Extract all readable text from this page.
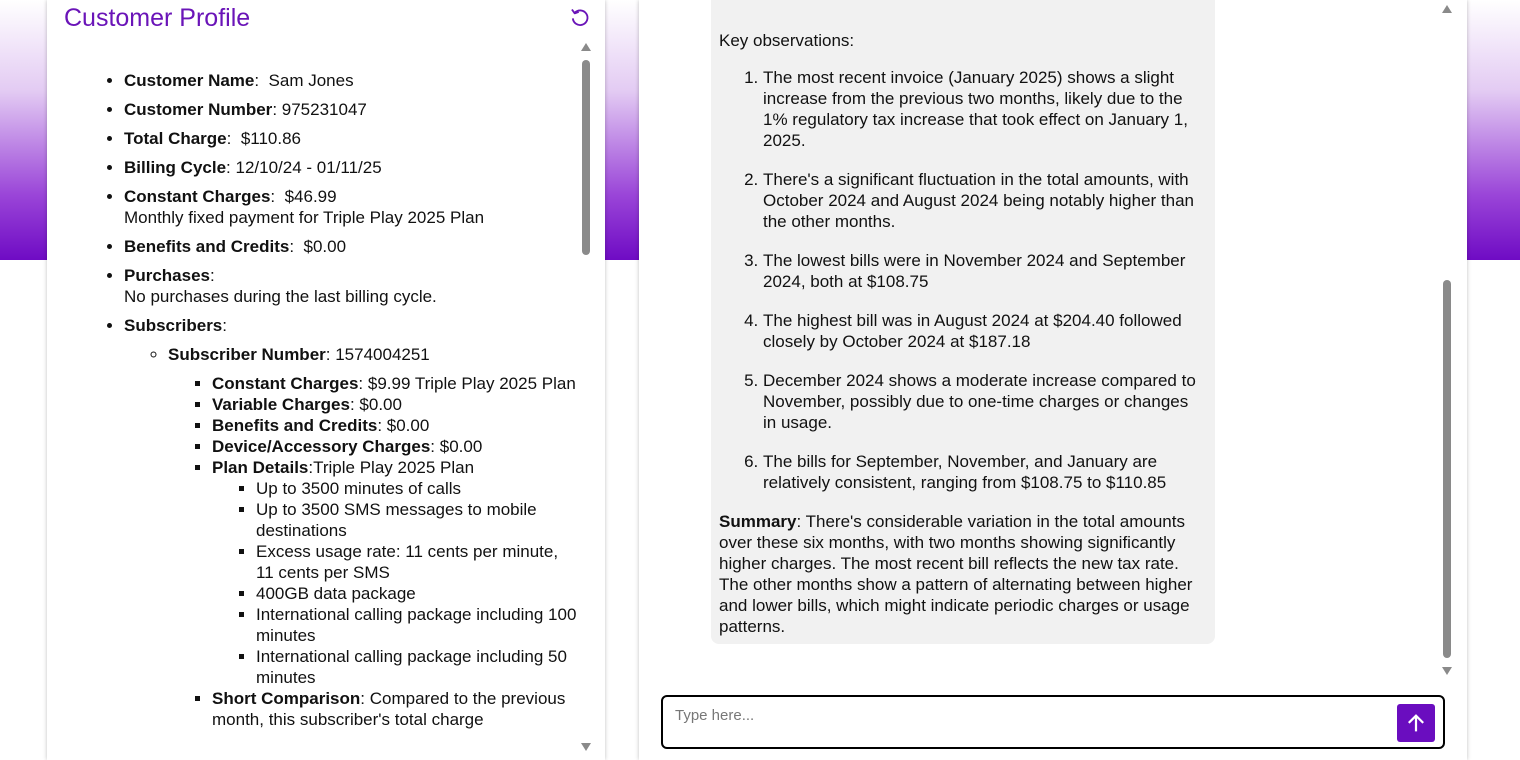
Customer Profile
• Customer Name:  Sam Jones
• Customer Number: 975231047
• Total Charge:  $110.86
• Billing Cycle: 12/10/24 - 01/11/25
• Constant Charges:  $46.99
Monthly fixed payment for Triple Play 2025 Plan
• Benefits and Credits:  $0.00
• Purchases:
No purchases during the last billing cycle.
• Subscribers:
◦ Subscriber Number: 1574004251
▪ Constant Charges: $9.99 Triple Play 2025 Plan
▪ Variable Charges: $0.00
▪ Benefits and Credits: $0.00
▪ Device/Accessory Charges: $0.00
▪ Plan Details:Triple Play 2025 Plan
▪ Up to 3500 minutes of calls
▪ Up to 3500 SMS messages to mobile destinations
▪ Excess usage rate: 11 cents per minute, 11 cents per SMS
▪ 400GB data package
▪ International calling package including 100 minutes
▪ International calling package including 50 minutes
▪ Short Comparison: Compared to the previous month, this subscriber's total charge

Key observations:

1. The most recent invoice (January 2025) shows a slight increase from the previous two months, likely due to the 1% regulatory tax increase that took effect on January 1, 2025.
2. There's a significant fluctuation in the total amounts, with October 2024 and August 2024 being notably higher than the other months.
3. The lowest bills were in November 2024 and September 2024, both at $108.75
4. The highest bill was in August 2024 at $204.40 followed closely by October 2024 at $187.18
5. December 2024 shows a moderate increase compared to November, possibly due to one-time charges or changes in usage.
6. The bills for September, November, and January are relatively consistent, ranging from $108.75 to $110.85

Summary: There's considerable variation in the total amounts over these six months, with two months showing significantly higher charges. The most recent bill reflects the new tax rate. The other months show a pattern of alternating between higher and lower bills, which might indicate periodic charges or usage patterns.

Type here...
